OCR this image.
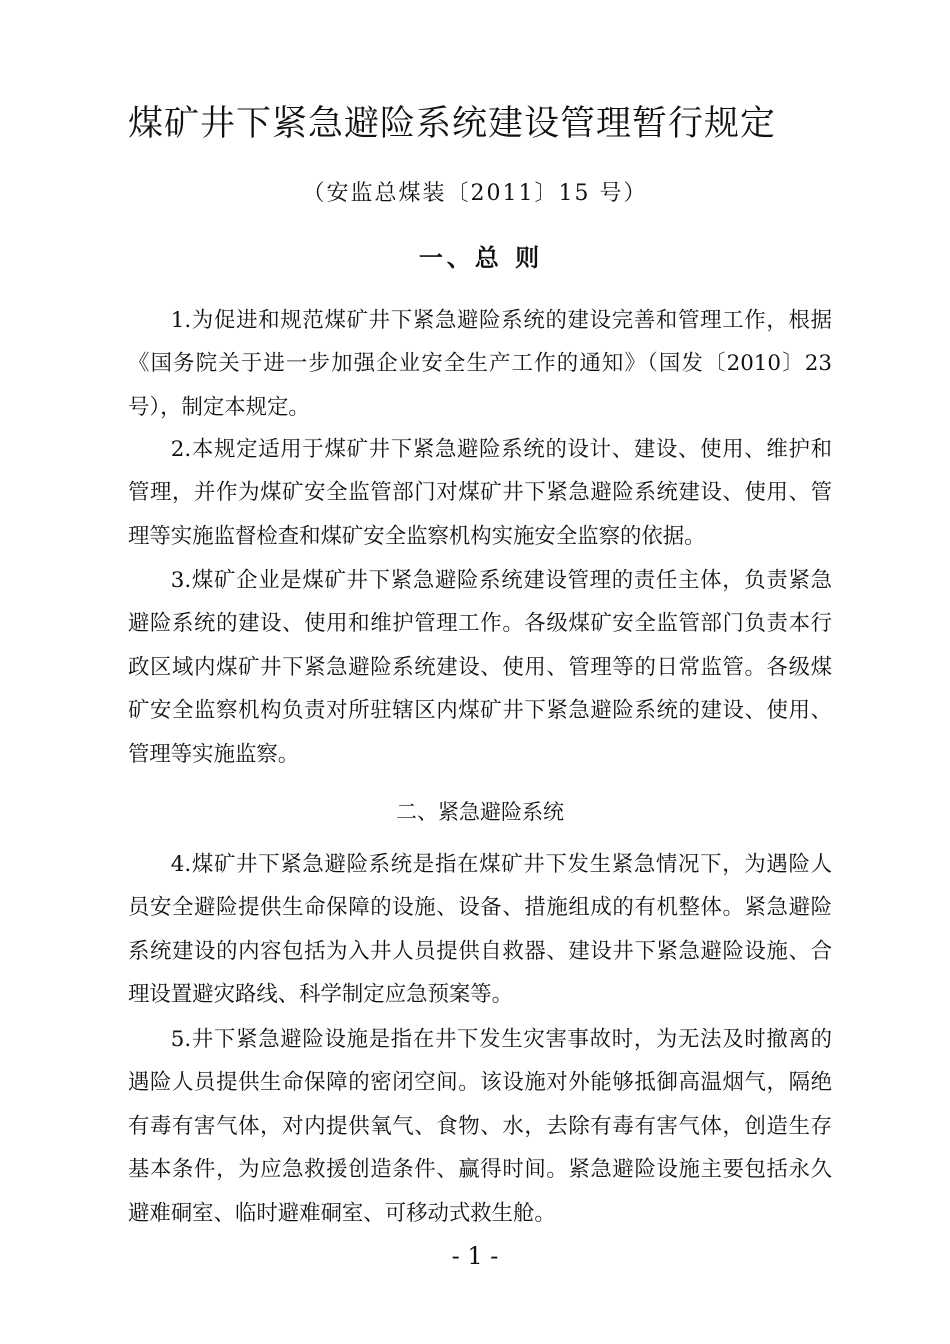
煤矿井下紧急避险系统建设管理暂行规定
（安监总煤装〔2011〕15 号）
一、总 则

1.为促进和规范煤矿井下紧急避险系统的建设完善和管理工作，根据《国务院关于进一步加强企业安全生产工作的通知》（国发〔2010〕23 号），制定本规定。

2.本规定适用于煤矿井下紧急避险系统的设计、建设、使用、维护和管理，并作为煤矿安全监管部门对煤矿井下紧急避险系统建设、使用、管理等实施监督检查和煤矿安全监察机构实施安全监察的依据。

3.煤矿企业是煤矿井下紧急避险系统建设管理的责任主体，负责紧急避险系统的建设、使用和维护管理工作。各级煤矿安全监管部门负责本行政区域内煤矿井下紧急避险系统建设、使用、管理等的日常监管。各级煤矿安全监察机构负责对所驻辖区内煤矿井下紧急避险系统的建设、使用、管理等实施监察。

二、紧急避险系统

4.煤矿井下紧急避险系统是指在煤矿井下发生紧急情况下，为遇险人员安全避险提供生命保障的设施、设备、措施组成的有机整体。紧急避险系统建设的内容包括为入井人员提供自救器、建设井下紧急避险设施、合理设置避灾路线、科学制定应急预案等。

5.井下紧急避险设施是指在井下发生灾害事故时，为无法及时撤离的遇险人员提供生命保障的密闭空间。该设施对外能够抵御高温烟气，隔绝有毒有害气体，对内提供氧气、食物、水，去除有毒有害气体，创造生存基本条件，为应急救援创造条件、赢得时间。紧急避险设施主要包括永久避难硐室、临时避难硐室、可移动式救生舱。

- 1 -
